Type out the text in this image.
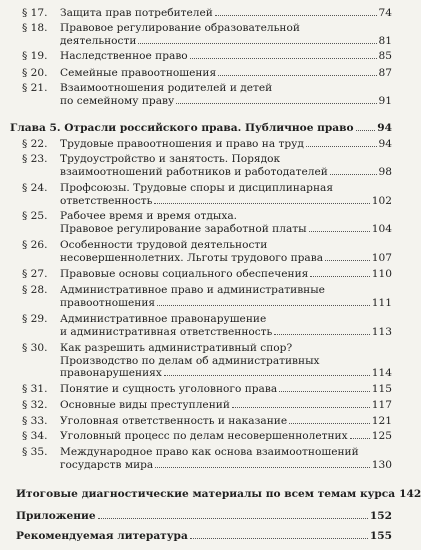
§ 17.	Защита прав потребителей	74
§ 18.	Правовое регулирование образовательной
деятельности	81
§ 19.	Наследственное право	85
§ 20.	Семейные правоотношения	87
§ 21.	Взаимоотношения родителей и детей
по семейному праву	91
Глава 5. Отрасли российского права. Публичное право 94
§ 22.	Трудовые правоотношения и право на труд	94
§ 23.	Трудоустройство и занятость. Порядок
взаимоотношений работников и работодателей	98
§ 24.	Профсоюзы. Трудовые споры и дисциплинарная
ответственность	102
§ 25.	Рабочее время и время отдыха.
Правовое регулирование заработной платы	104
§ 26.	Особенности трудовой деятельности
несовершеннолетних. Льготы трудового права	107
§ 27.	Правовые основы социального обеспечения	110
§ 28.	Административное право и административные
правоотношения	111
§ 29.	Административное правонарушение
и административная ответственность	113
§ 30.	Как разрешить административный спор?
Производство по делам об административных
правонарушениях	114
§ 31.	Понятие и сущность уголовного права	115
§ 32.	Основные виды преступлений	117
§ 33.	Уголовная ответственность и наказание	121
§ 34.	Уголовный процесс по делам несовершеннолетних 125
§ 35.	Международное право как основа взаимоотношений
государств мира	130
Итоговые диагностические материалы по всем темам курса 142
Приложение	152
Рекомендуемая литература	155
